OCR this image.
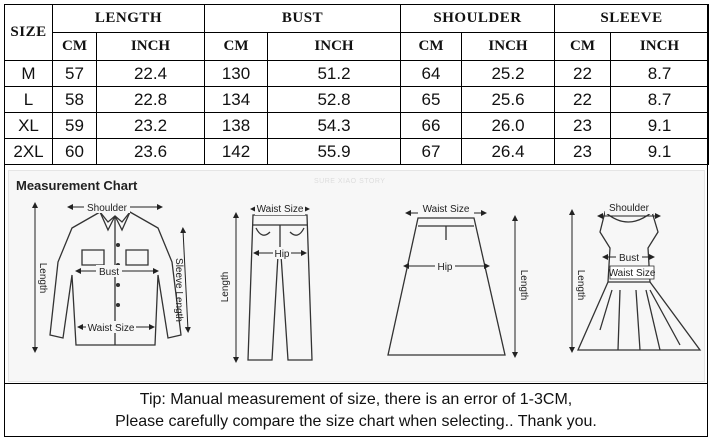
SIZE	LENGTH		BUST		SHOULDER		SLEEVE	
	CM	INCH	CM	INCH	CM	INCH	CM	INCH
M	57	22.4	130	51.2	64	25.2	22	8.7
L	58	22.8	134	52.8	65	25.6	22	8.7
XL	59	23.2	138	54.3	66	26.0	23	9.1
2XL	60	23.6	142	55.9	67	26.4	23	9.1
Measurement Chart	SURE XIAO STORY
Shoulder
Bust
Waist Size
Length	Sleeve Length
Waist Size
Hip
Length
Waist Size
Hip
Length
Shoulder
Bust
Waist Size
Length
Tip: Manual measurement of size, there is an error of 1-3CM,
Please carefully compare the size chart when selecting.. Thank you.
